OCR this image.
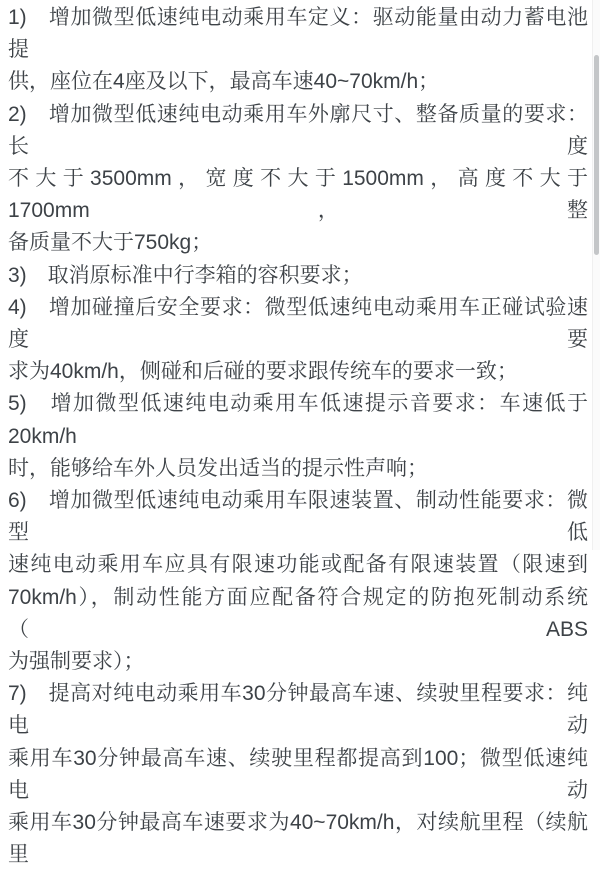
1)　增加微型低速纯电动乘用车定义：驱动能量由动力蓄电池提
供，座位在4座及以下，最高车速40~70km/h；
2)　增加微型低速纯电动乘用车外廓尺寸、整备质量的要求：长度
不大于3500mm，宽度不大于1500mm，高度不大于1700mm，整
备质量不大于750kg；
3)　取消原标准中行李箱的容积要求；
4)　增加碰撞后安全要求：微型低速纯电动乘用车正碰试验速度要
求为40km/h，侧碰和后碰的要求跟传统车的要求一致；
5)　增加微型低速纯电动乘用车低速提示音要求：车速低于20km/h
时，能够给车外人员发出适当的提示性声响；
6)　增加微型低速纯电动乘用车限速装置、制动性能要求：微型低
速纯电动乘用车应具有限速功能或配备有限速装置（限速到
70km/h），制动性能方面应配备符合规定的防抱死制动系统（ABS
为强制要求）；
7)　提高对纯电动乘用车30分钟最高车速、续驶里程要求：纯电动
乘用车30分钟最高车速、续驶里程都提高到100；微型低速纯电动
乘用车30分钟最高车速要求为40~70km/h，对续航里程（续航里
